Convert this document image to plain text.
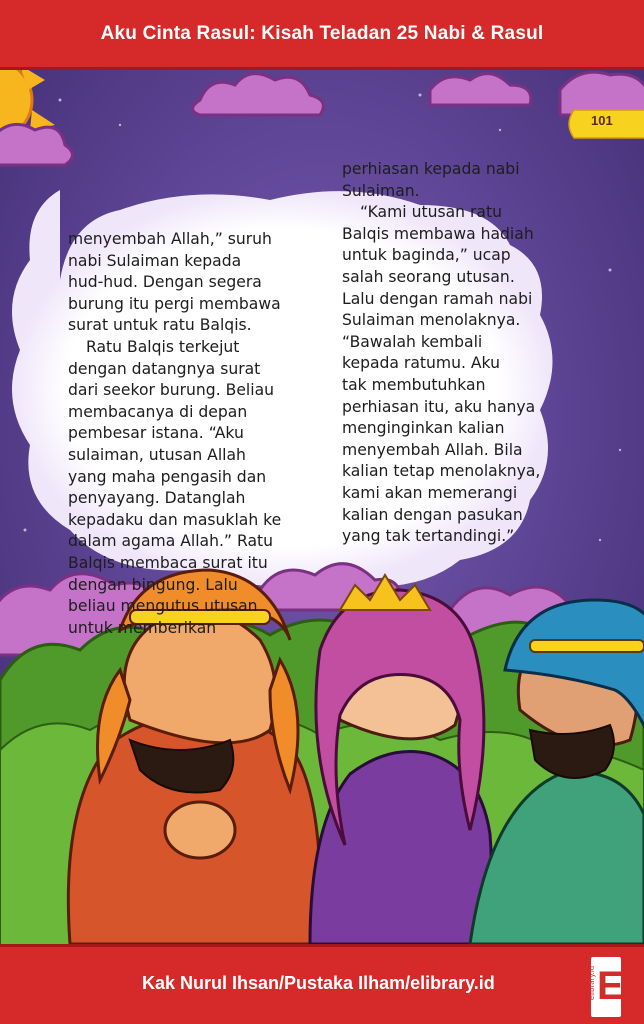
Aku Cinta Rasul: Kisah Teladan 25 Nabi & Rasul

menyembah Allah,” suruh
nabi Sulaiman kepada
hud-hud. Dengan segera
burung itu pergi membawa
surat untuk ratu Balqis.

Ratu Balqis terkejut
dengan datangnya surat
dari seekor burung. Beliau
membacanya di depan
pembesar istana. “Aku
sulaiman, utusan Allah
yang maha pengasih dan
penyayang. Datanglah
kepadaku dan masuklah ke
dalam agama Allah.” Ratu
Balqis membaca surat itu
dengan bingung. Lalu
beliau mengutus utusan
untuk memberikan

perhiasan kepada nabi
Sulaiman.

“Kami utusan ratu
Balqis membawa hadiah
untuk baginda,” ucap
salah seorang utusan.
Lalu dengan ramah nabi
Sulaiman menolaknya.
“Bawalah kembali
kepada ratumu. Aku
tak membutuhkan
perhiasan itu, aku hanya
menginginkan kalian
menyembah Allah. Bila
kalian tetap menolaknya,
kami akan memerangi
kalian dengan pasukan
yang tak tertandingi.”

101
Kak Nurul Ihsan/Pustaka Ilham/elibrary.id	E
elibrary.id
